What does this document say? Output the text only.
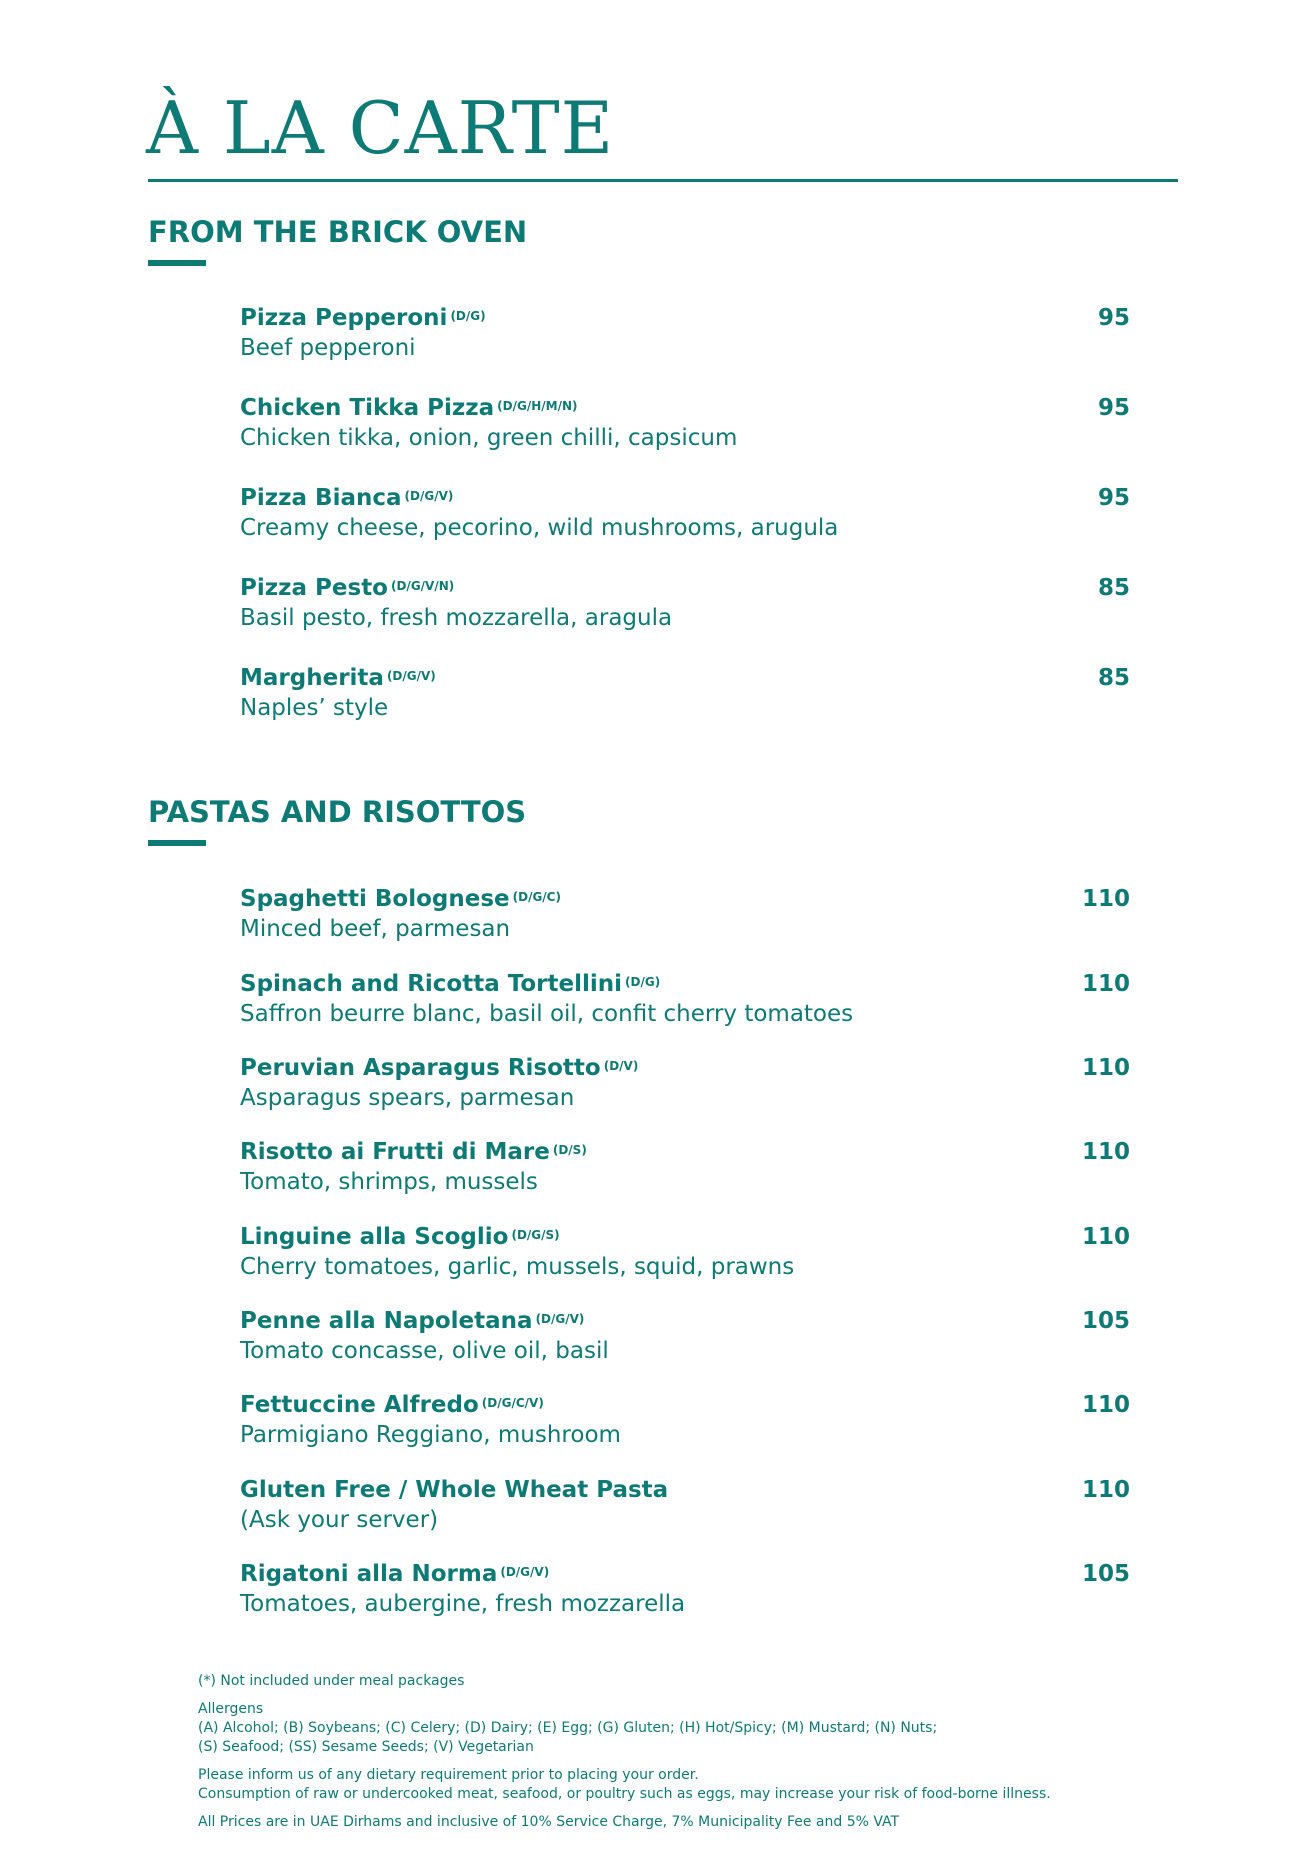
À LA CARTE
FROM THE BRICK OVEN
Pizza Pepperoni $^{(D/G)}$
Beef pepperoni
95
Chicken Tikka Pizza $^{(D/G/H/M/N)}$
Chicken tikka, onion, green chilli, capsicum
95
Pizza Bianca $^{(D/G/V)}$
Creamy cheese, pecorino, wild mushrooms, arugula
95
Pizza Pesto $^{(D/G/V/N)}$
Basil pesto, fresh mozzarella, aragula
85
Margherita $^{(D/G/V)}$
Naples’ style
85
PASTAS AND RISOTTOS
Spaghetti Bolognese $^{(D/G/C)}$
Minced beef, parmesan
110
Spinach and Ricotta Tortellini $^{(D/G)}$
Saffron beurre blanc, basil oil, confit cherry tomatoes
110
Peruvian Asparagus Risotto $^{(D/V)}$
Asparagus spears, parmesan
110
Risotto ai Frutti di Mare $^{(D/S)}$
Tomato, shrimps, mussels
110
Linguine alla Scoglio $^{(D/G/S)}$
Cherry tomatoes, garlic, mussels, squid, prawns
110
Penne alla Napoletana $^{(D/G/V)}$
Tomato concasse, olive oil, basil
105
Fettuccine Alfredo $^{(D/G/C/V)}$
Parmigiano Reggiano, mushroom
110
Gluten Free / Whole Wheat Pasta
(Ask your server)
110
Rigatoni alla Norma $^{(D/G/V)}$
Tomatoes, aubergine, fresh mozzarella
105

(*) Not included under meal packages

Allergens

(A) Alcohol; (B) Soybeans; (C) Celery; (D) Dairy; (E) Egg; (G) Gluten; (H) Hot/Spicy; (M) Mustard; (N) Nuts;

(S) Seafood; (SS) Sesame Seeds; (V) Vegetarian

Please inform us of any dietary requirement prior to placing your order.

Consumption of raw or undercooked meat, seafood, or poultry such as eggs, may increase your risk of food-borne illness.

All Prices are in UAE Dirhams and inclusive of 10% Service Charge, 7% Municipality Fee and 5% VAT
